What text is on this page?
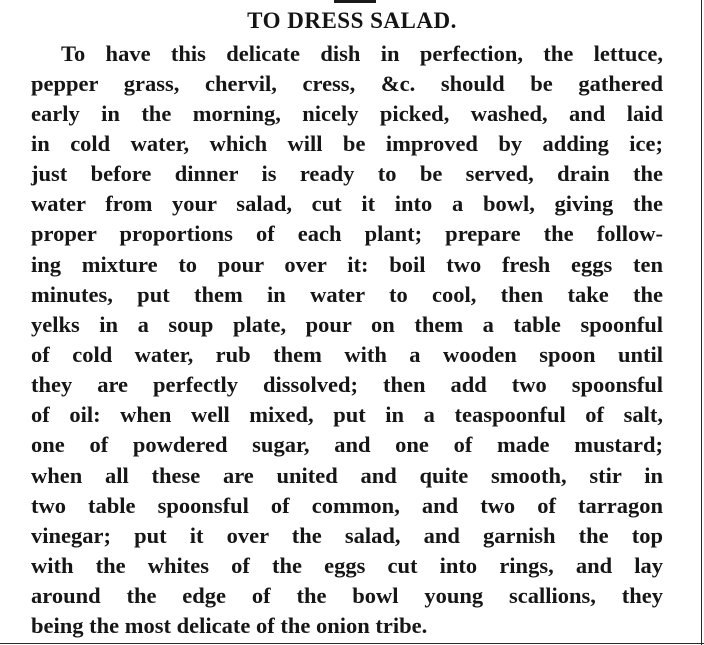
TO DRESS SALAD.
To have this delicate dish in perfection, the lettuce,
pepper grass, chervil, cress, &c. should be gathered
early in the morning, nicely picked, washed, and laid
in cold water, which will be improved by adding ice;
just before dinner is ready to be served, drain the
water from your salad, cut it into a bowl, giving the
proper proportions of each plant; prepare the follow-
ing mixture to pour over it: boil two fresh eggs ten
minutes, put them in water to cool, then take the
yelks in a soup plate, pour on them a table spoonful
of cold water, rub them with a wooden spoon until
they are perfectly dissolved; then add two spoonsful
of oil: when well mixed, put in a teaspoonful of salt,
one of powdered sugar, and one of made mustard;
when all these are united and quite smooth, stir in
two table spoonsful of common, and two of tarragon
vinegar; put it over the salad, and garnish the top
with the whites of the eggs cut into rings, and lay
around the edge of the bowl young scallions, they
being the most delicate of the onion tribe.
